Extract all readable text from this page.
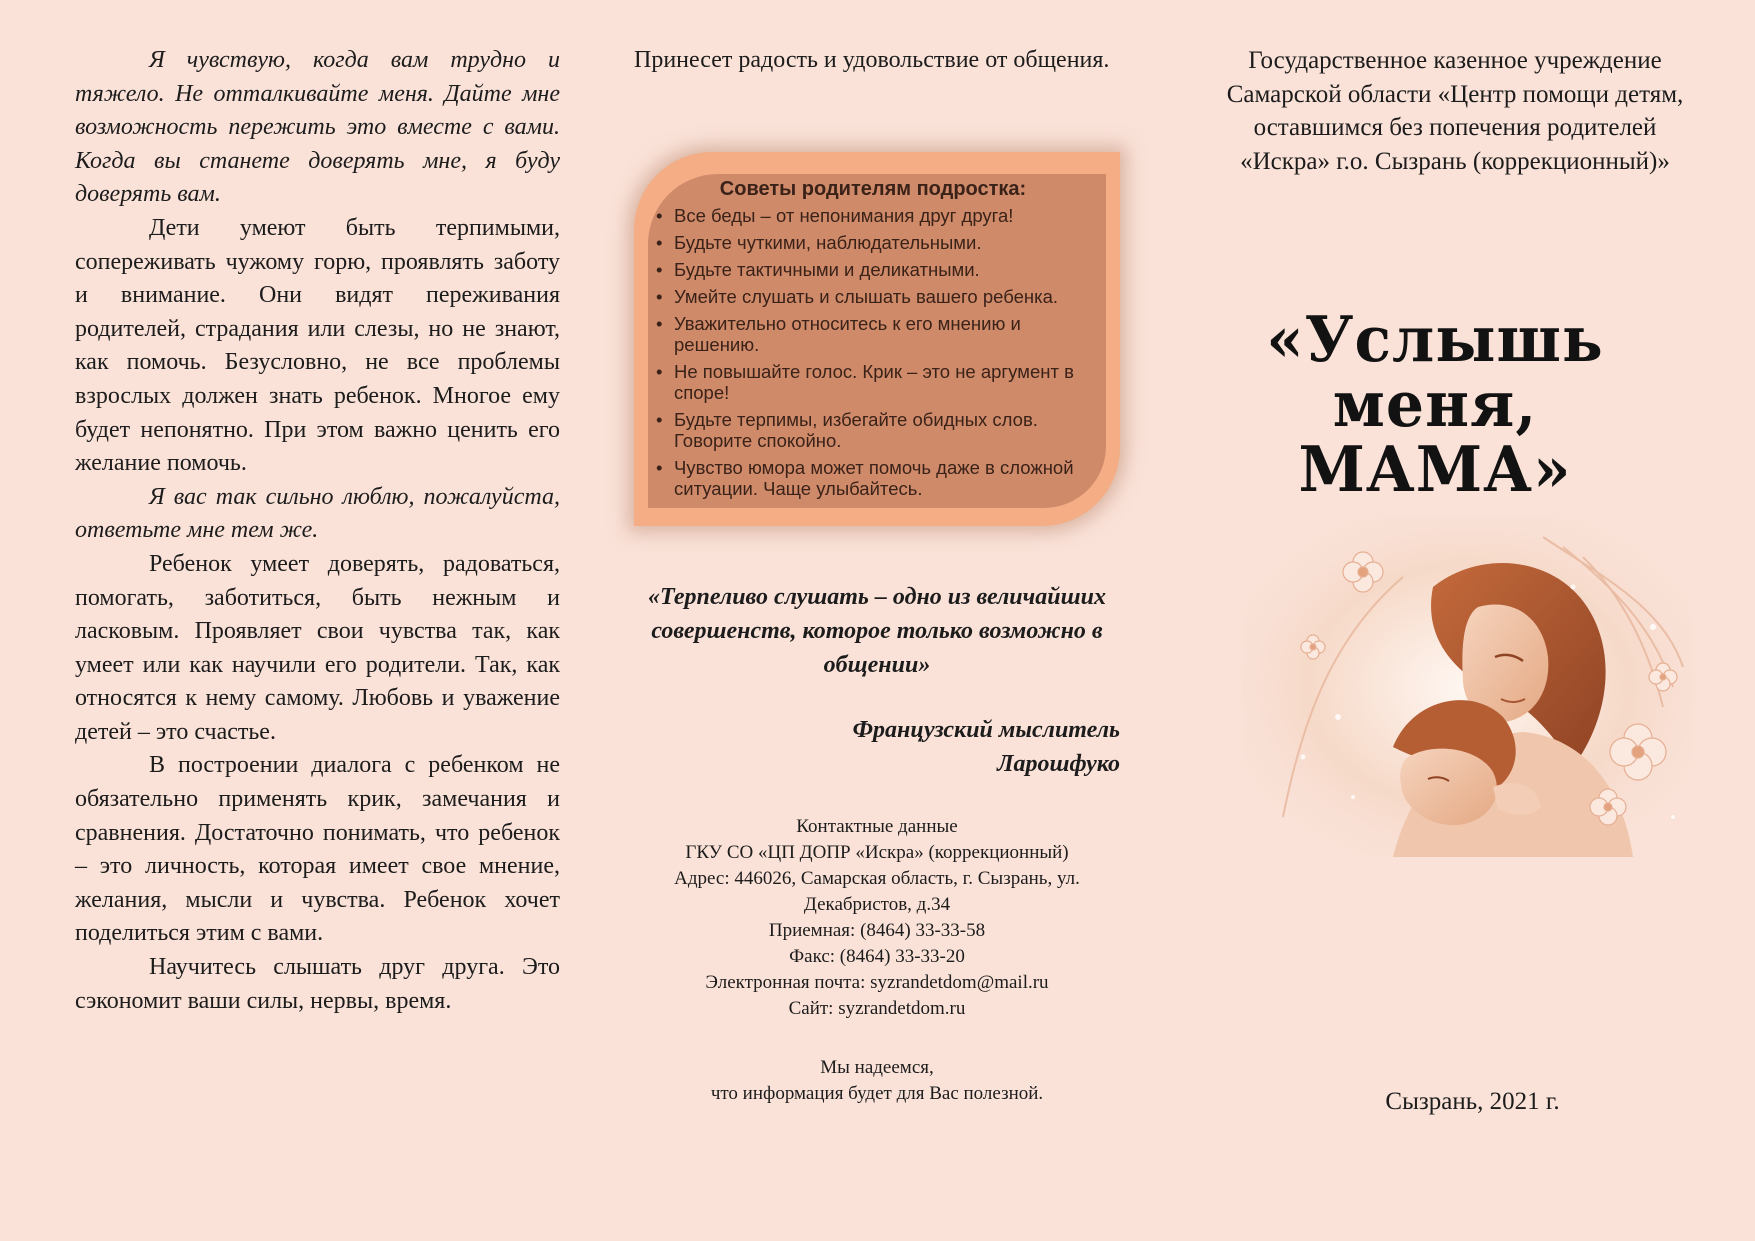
Я чувствую, когда вам трудно и тяжело. Не отталкивайте меня. Дайте мне возможность пережить это вместе с вами. Когда вы станете доверять мне, я буду доверять вам.

Дети умеют быть терпимыми, сопереживать чужому горю, проявлять заботу и внимание. Они видят переживания родителей, страдания или слезы, но не знают, как помочь. Безусловно, не все проблемы взрослых должен знать ребенок. Многое ему будет непонятно. При этом важно ценить его желание помочь.

Я вас так сильно люблю, пожалуйста, ответьте мне тем же.

Ребенок умеет доверять, радоваться, помогать, заботиться, быть нежным и ласковым. Проявляет свои чувства так, как умеет или как научили его родители. Так, как относятся к нему самому. Любовь и уважение детей – это счастье.

В построении диалога с ребенком не обязательно применять крик, замечания и сравнения. Достаточно понимать, что ребенок – это личность, которая имеет свое мнение, желания, мысли и чувства. Ребенок хочет поделиться этим с вами.

Научитесь слышать друг друга. Это сэкономит ваши силы, нервы, время.

Принесет радость и удовольствие от общения.

Советы родителям подростка:
• Все беды – от непонимания друг друга!
• Будьте чуткими, наблюдательными.
• Будьте тактичными и деликатными.
• Умейте слушать и слышать вашего ребенка.
• Уважительно относитесь к его мнению и решению.
• Не повышайте голос. Крик – это не аргумент в споре!
• Будьте терпимы, избегайте обидных слов. Говорите спокойно.
• Чувство юмора может помочь даже в сложной ситуации. Чаще улыбайтесь.
«Терпеливо слушать – одно из величайших совершенств, которое только возможно в общении»
Французский мыслитель
Ларошфуко
Контактные данные
ГКУ СО «ЦП ДОПР «Искра» (коррекционный)
Адрес: 446026, Самарская область, г. Сызрань, ул. Декабристов, д.34
Приемная: (8464) 33-33-58
Факс: (8464) 33-33-20
Электронная почта: syzrandetdom@mail.ru
Сайт: syzrandetdom.ru
Мы надеемся,
что информация будет для Вас полезной.
Государственное казенное учреждение Самарской области «Центр помощи детям, оставшимся без попечения родителей «Искра» г.о. Сызрань (коррекционный)»
«Услышь меня,
МАМА»
Сызрань, 2021 г.
